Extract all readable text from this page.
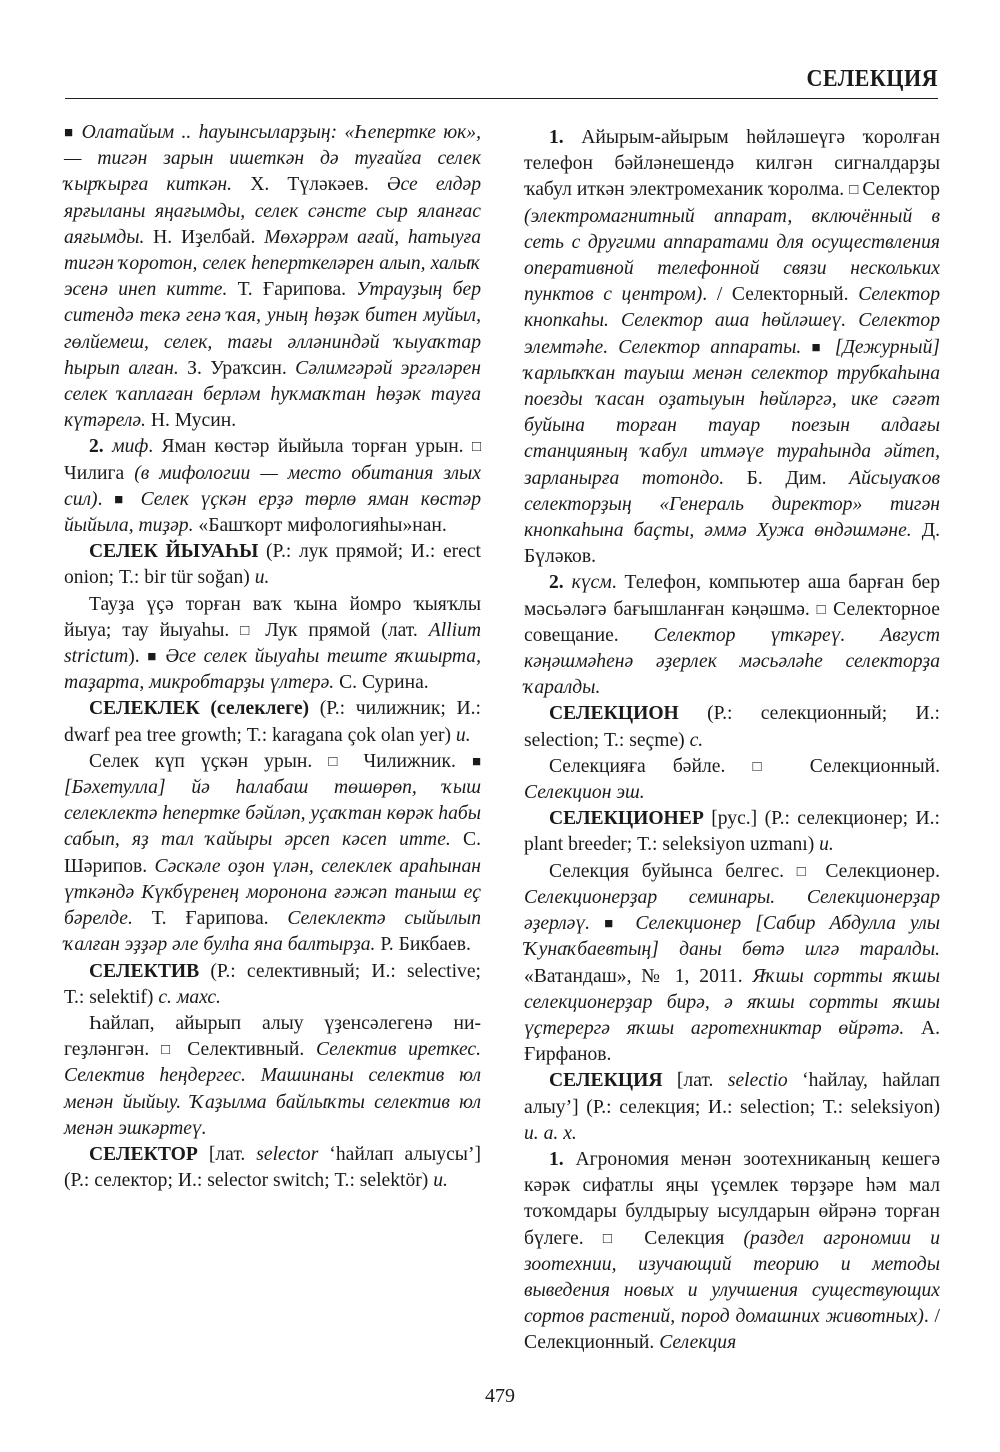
СЕЛЕКЦИЯ

■ Олатайым .. һауынсыларҙың: «Һепертке юк», — тигән зарын ишеткән дә туғайға селек ҡырҡырға киткән. Х. Түләкәев. Әсе елдәр ярғыланы яңағымды, селек сәнсте сыр яланғас аяғымды. Н. Иҙелбай. Мөхәррәм ағай, һатыуға тигән ҡоротон, селек һеперткеләрен алып, халыҡ эсенә инеп китте. Т. Ғарипова. Утрауҙың бер ситендә текә генә ҡая, уның һөҙәк битен муйыл, гөлйемеш, селек, тағы әлләниндәй ҡыуаҡтар һырып алған. З. Ураҡсин. Сәлимгәрәй эргәләрен селек ҡаплаған берләм һуҡмаҡтан һөҙәк тауға күтәрелә. Н. Мусин.

2. миф. Яман көстәр йыйыла торған урын. □ Чилига (в мифологии — место обитания злых сил). ■ Селек үҫкән ерҙә төрлө яман көстәр йыйыла, тиҙәр. «Башҡорт мифологияһы»нан.

СЕЛЕК ЙЫУАҺЫ (Р.: лук прямой; И.: erect onion; Т.: bir tür soğan) и.

Тауҙа үҫә торған ваҡ ҡына йомро ҡыяҡлы йыуа; тау йыуаһы. □ Лук прямой (лат. Allium strictum). ■ Әсе селек йыуаһы теште яҡшырта, таҙарта, микробтарҙы үлтерә. С. Сурина.

СЕЛЕКЛЕК (селеклеге) (Р.: чилижник; И.: dwarf pea tree growth; Т.: karagana çok olan yer) и.

Селек күп үҫкән урын. □ Чилижник. ■ [Бәхетулла] йә һалабаш төшөрөп, ҡыш селеклектә һепертке бәйләп, уҫаҡтан көрәк һабы сабып, яҙ тал ҡайыры әрсеп кәсеп итте. С. Шәрипов. Сәскәле оҙон үлән, селеклек араһынан үткәндә Күкбүренең моронона ғәжәп таныш еҫ бәрелде. Т. Ғарипова. Селеклектә сыйылып ҡалған эҙҙәр әле булһа яна балтырҙа. Р. Бикбаев.

СЕЛЕКТИВ (Р.: селективный; И.: selective; Т.: selektif) с. махс.

Һайлап, айырып алыу үҙенсәлегенә нигеҙләнгән. □ Селективный. Селектив иреткес. Селектив һеңдергес. Машинаны селектив юл менән йыйыу. Ҡаҙылма байлыҡты селектив юл менән эшкәртеү.

СЕЛЕКТОР [лат. selector ‘һайлап алыусы’] (Р.: селектор; И.: selector switch; Т.: selektör) и.

1. Айырым-айырым һөйләшеүгә ҡоролған телефон бәйләнешендә килгән сигналдарҙы ҡабул иткән электромеханик ҡоролма. □ Селектор (электромагнитный аппарат, включённый в сеть с другими аппаратами для осуществления оперативной телефонной связи нескольких пунктов с центром). / Селекторный. Селектор кнопкаһы. Селектор аша һөйләшеү. Селектор элемтәһе. Селектор аппараты. ■ [Дежурный] ҡарлыҡҡан тауыш менән селектор трубкаһына поезды ҡасан оҙатыуын һөйләргә, ике сәғәт буйына торған тауар поезын алдағы станцияның ҡабул итмәүе тураһында әйтеп, зарланырға тотондо. Б. Дим. Айсыуаҡов селекторҙың «Генераль директор» тигән кнопкаһына баҫты, әммә Хужа өндәшмәне. Д. Бүләков.

2. күсм. Телефон, компьютер аша барған бер мәсьәләгә бағышланған кәңәшмә. □ Селекторное совещание. Селектор үткәреү. Август кәңәшмәһенә әҙерлек мәсьәләһе селекторҙа ҡаралды.

СЕЛЕКЦИОН (Р.: селекционный; И.: selection; Т.: seçme) с.

Селекцияға бәйле. □ Селекционный. Селекцион эш.

СЕЛЕКЦИОНЕР [рус.] (Р.: селекционер; И.: plant breeder; Т.: seleksiyon uzmanı) и.

Селекция буйынса белгес. □ Селекционер. Селекционерҙар семинары. Селекционерҙар әҙерләү. ■ Селекционер [Сабир Абдулла улы Ҡунаҡбаевтың] даны бөтә илгә таралды. «Ватандаш», № 1, 2011. Яҡшы сортты яҡшы селекционерҙар бирә, ә яҡшы сортты яҡшы үҫтерергә яҡшы агротехниктар өйрәтә. А. Ғирфанов.

СЕЛЕКЦИЯ [лат. selectio ‘һайлау, һайлап алыу’] (Р.: селекция; И.: selection; Т.: seleksiyon) и. а. х.

1. Агрономия менән зоотехниканың кешегә кәрәк сифатлы яңы үҫемлек төрҙәре һәм мал тоҡомдары булдырыу ысулдарын өйрәнә торған бүлеге. □ Селекция (раздел агрономии и зоотехнии, изучающий теорию и методы выведения новых и улучшения существующих сортов растений, пород домашних животных). / Селекционный. Селекция

479
